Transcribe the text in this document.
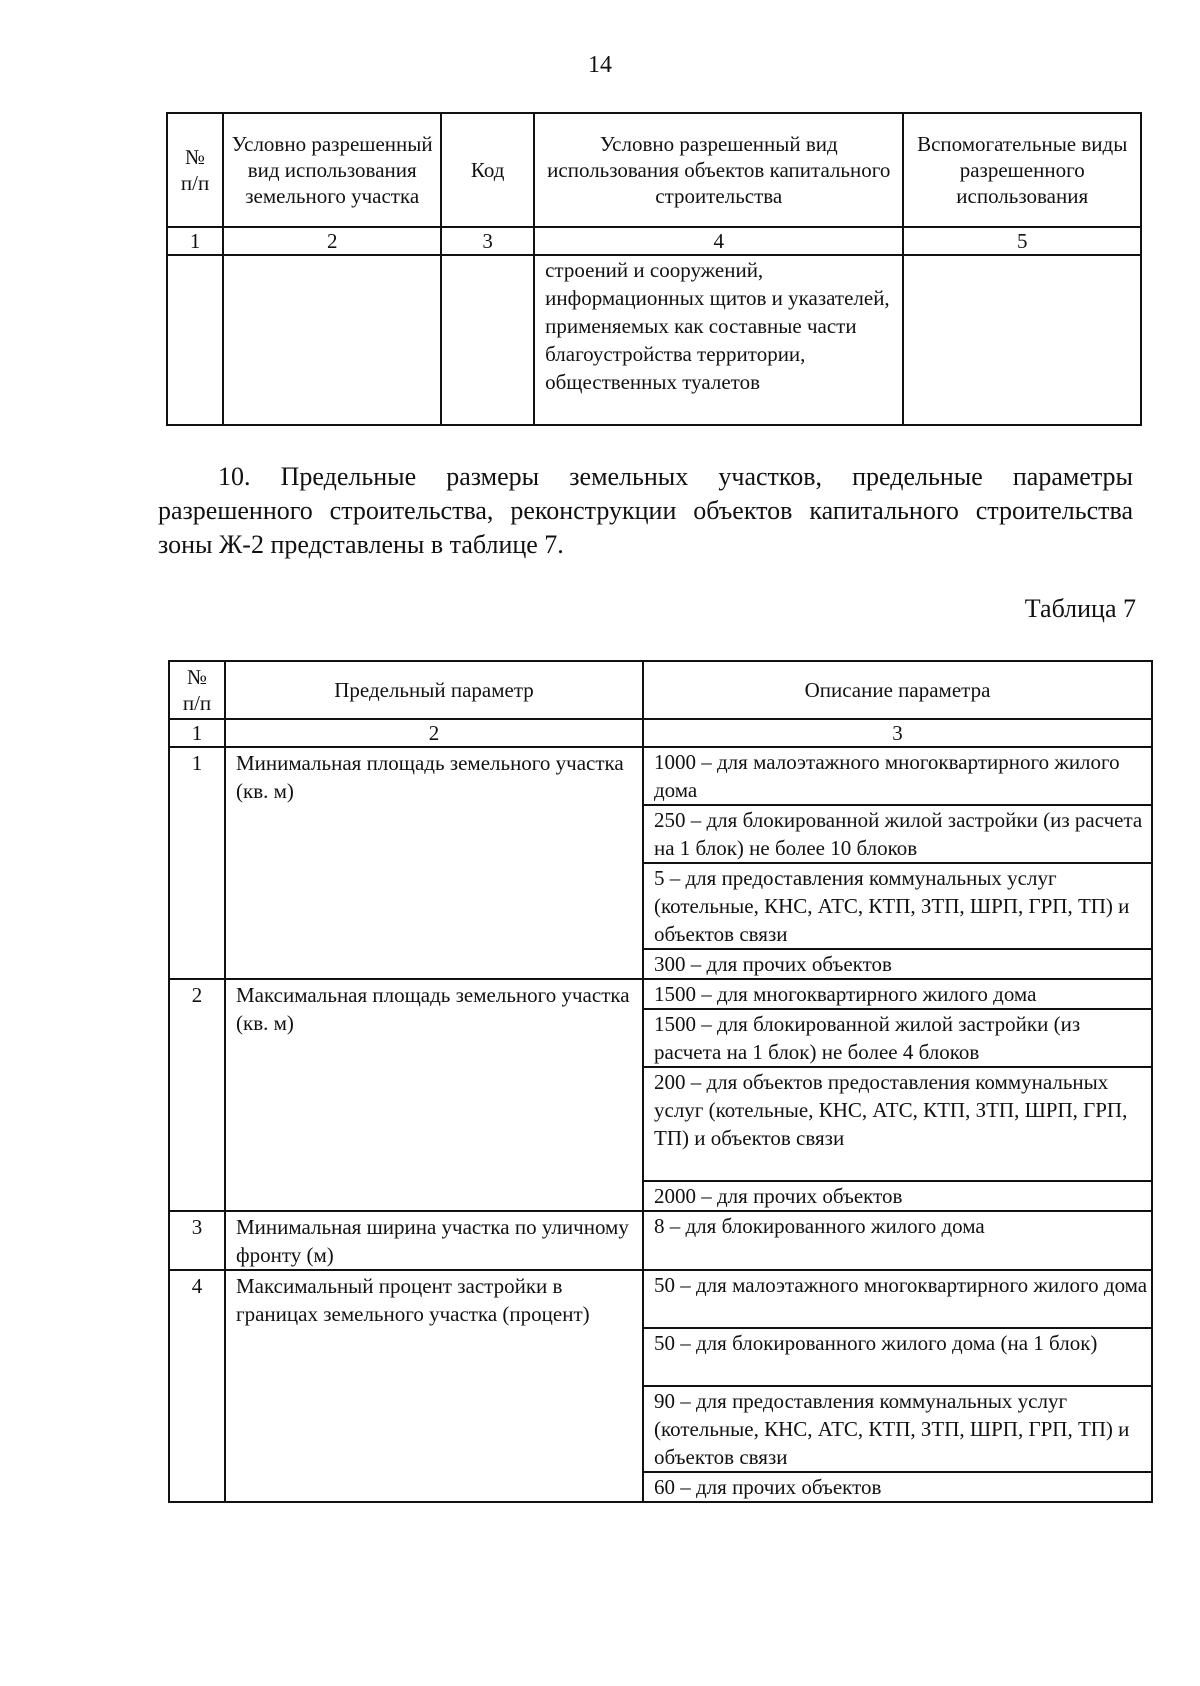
14
№
п/п	Условно разрешенный вид использования земельного участка	Код	Условно разрешенный вид использования объектов капитального строительства	Вспомогательные виды разрешенного использования
1	2	3	4	5
			строений и сооружений, информационных щитов и указателей, применяемых как составные части благоустройства территории, общественных туалетов	

10. Предельные размеры земельных участков, предельные параметры разрешенного строительства, реконструкции объектов капитального строительства зоны Ж-2 представлены в таблице 7.

Таблица 7
№
п/п	Предельный параметр	Описание параметра
1	2	3
1	Минимальная площадь земельного участка (кв. м)	1000 – для малоэтажного многоквартирного жилого дома
		250 – для блокированной жилой застройки (из расчета на 1 блок) не более 10 блоков
		5 – для предоставления коммунальных услуг (котельные, КНС, АТС, КТП, ЗТП, ШРП, ГРП, ТП) и объектов связи
		300 – для прочих объектов
2	Максимальная площадь земельного участка (кв. м)	1500 – для многоквартирного жилого дома
		1500 – для блокированной жилой застройки (из расчета на 1 блок) не более 4 блоков
		200 – для объектов предоставления коммунальных услуг (котельные, КНС, АТС, КТП, ЗТП, ШРП, ГРП, ТП) и объектов связи
		2000 – для прочих объектов
3	Минимальная ширина участка по уличному фронту (м)	8 – для блокированного жилого дома
4	Максимальный процент застройки в границах земельного участка (процент)	50 – для малоэтажного многоквартирного жилого дома
		50 – для блокированного жилого дома (на 1 блок)
		90 – для предоставления коммунальных услуг (котельные, КНС, АТС, КТП, ЗТП, ШРП, ГРП, ТП) и объектов связи
		60 – для прочих объектов
